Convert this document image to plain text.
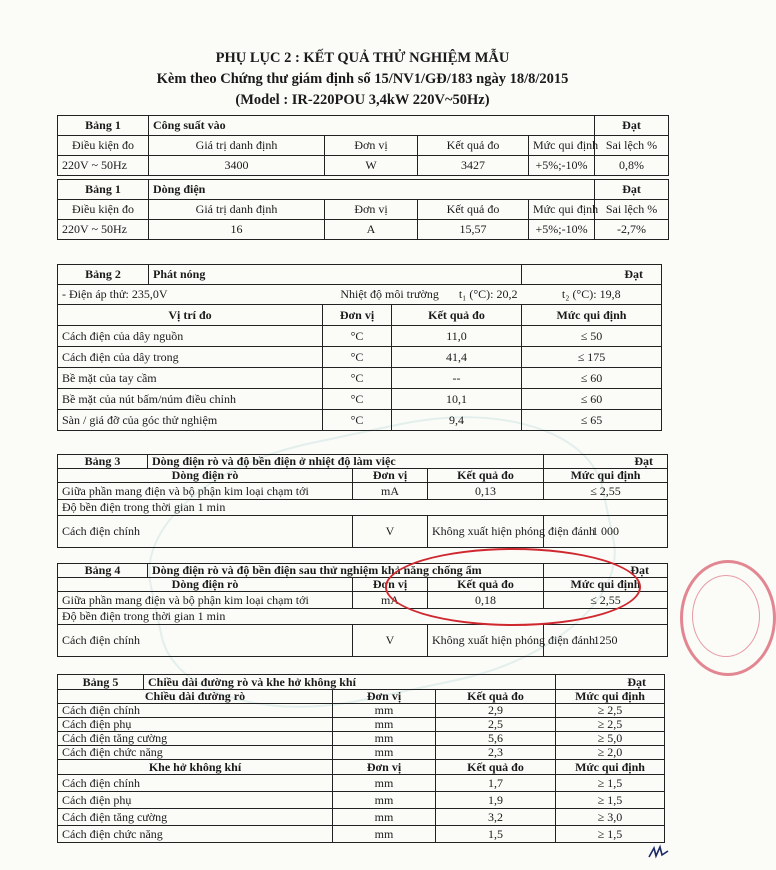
PHỤ LỤC 2 : KẾT QUẢ THỬ NGHIỆM MẪU
Kèm theo Chứng thư giám định số 15/NV1/GĐ/183 ngày 18/8/2015
(Model : IR-220POU 3,4kW 220V~50Hz)
Bảng 1	Công suất vào				Đạt
Điều kiện đo	Giá trị danh định	Đơn vị	Kết quả đo	Mức qui định	Sai lệch %
220V ~ 50Hz	3400	W	3427	+5%;-10%	0,8%
Bảng 1	Dòng điện				Đạt
Điều kiện đo	Giá trị danh định	Đơn vị	Kết quả đo	Mức qui định	Sai lệch %
220V ~ 50Hz	16	A	15,57	+5%;-10%	-2,7%
Bảng 2	Phát nóng			Đạt
- Điện áp thử: 235,0V		Nhiệt độ môi trường t₁ (°C): 20,2		t₂ (°C): 19,8
Vị trí đo		Đơn vị	Kết quả đo	Mức qui định
Cách điện của dây nguồn		°C	11,0	≤ 50
Cách điện của dây trong		°C	41,4	≤ 175
Bề mặt của tay cầm		°C	--	≤ 60
Bề mặt của nút bấm/núm điều chỉnh		°C	10,1	≤ 60
Sàn / giá đỡ của góc thử nghiệm		°C	9,4	≤ 65
Bảng 3	Dòng điện rò và độ bền điện ở nhiệt độ làm việc			Đạt
Dòng điện rò		Đơn vị	Kết quả đo	Mức qui định
Giữa phần mang điện và bộ phận kim loại chạm tới		mA	0,13	≤ 2,55
Độ bền điện trong thời gian 1 min				
Cách điện chính		V	Không xuất hiện phóng điện đánh	1 000
Bảng 4	Dòng điện rò và độ bền điện sau thử nghiệm khả năng chống ẩm			Đạt
Dòng điện rò		Đơn vị	Kết quả đo	Mức qui định
Giữa phần mang điện và bộ phận kim loại chạm tới		mA	0,18	≤ 2,55
Độ bền điện trong thời gian 1 min				
Cách điện chính		V	Không xuất hiện phóng điện đánh	1250
Bảng 5	Chiều dài đường rò và khe hở không khí			Đạt
Chiều dài đường rò		Đơn vị	Kết quả đo	Mức qui định
Cách điện chính		mm	2,9	≥ 2,5
Cách điện phụ		mm	2,5	≥ 2,5
Cách điện tăng cường		mm	5,6	≥ 5,0
Cách điện chức năng		mm	2,3	≥ 2,0
Khe hở không khí		Đơn vị	Kết quả đo	Mức qui định
Cách điện chính		mm	1,7	≥ 1,5
Cách điện phụ		mm	1,9	≥ 1,5
Cách điện tăng cường		mm	3,2	≥ 3,0
Cách điện chức năng		mm	1,5	≥ 1,5
